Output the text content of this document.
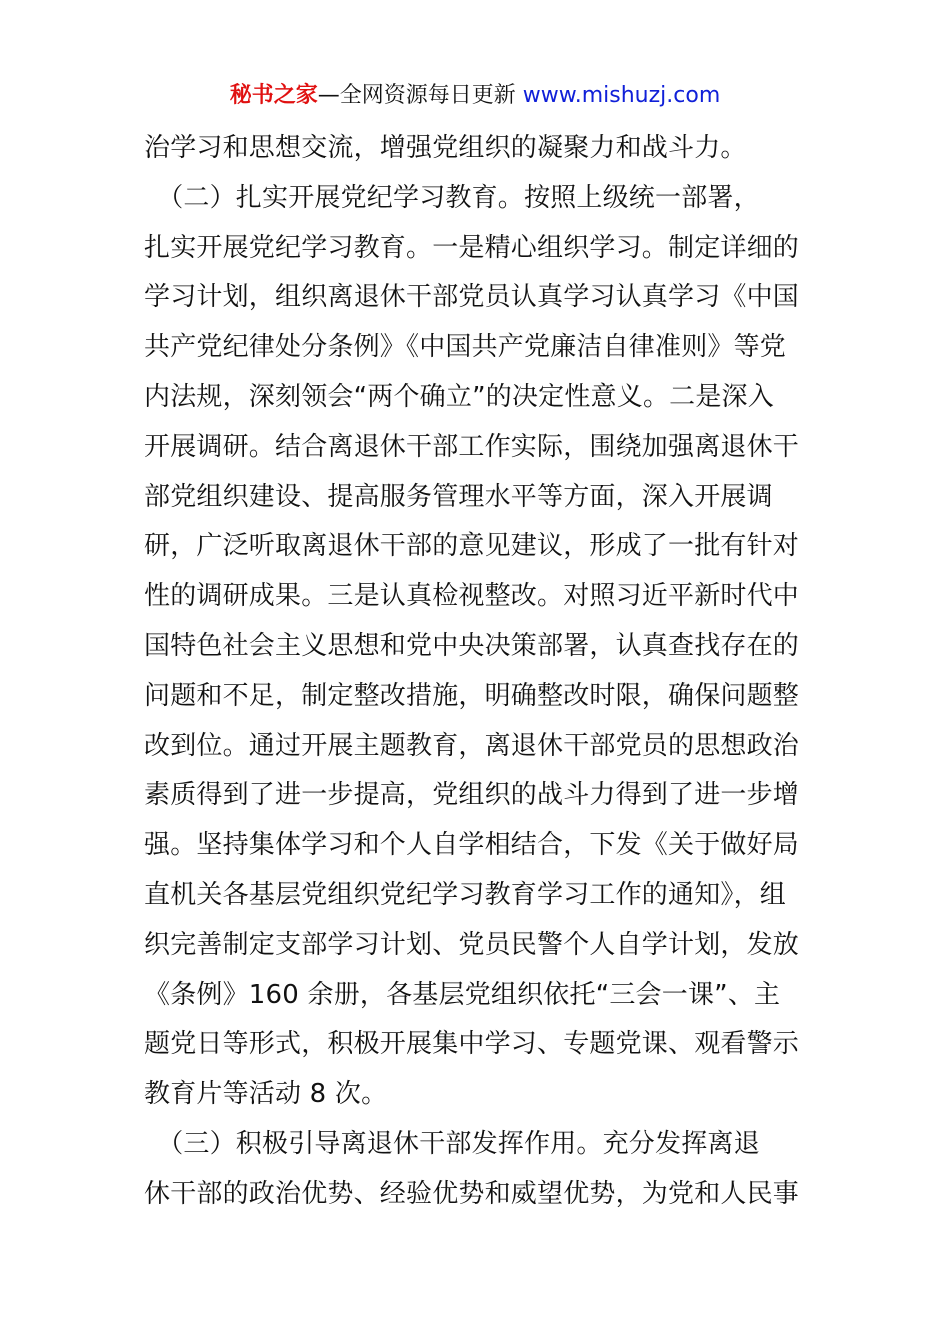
秘书之家—全网资源每日更新 www.mishuzj.com
治学习和思想交流，增强党组织的凝聚力和战斗力。
　（二）扎实开展党纪学习教育。按照上级统一部署，
扎实开展党纪学习教育。一是精心组织学习。制定详细的
学习计划，组织离退休干部党员认真学习认真学习《中国
共产党纪律处分条例》《中国共产党廉洁自律准则》等党
内法规，深刻领会“两个确立”的决定性意义。二是深入
开展调研。结合离退休干部工作实际，围绕加强离退休干
部党组织建设、提高服务管理水平等方面，深入开展调
研，广泛听取离退休干部的意见建议，形成了一批有针对
性的调研成果。三是认真检视整改。对照习近平新时代中
国特色社会主义思想和党中央决策部署，认真查找存在的
问题和不足，制定整改措施，明确整改时限，确保问题整
改到位。通过开展主题教育，离退休干部党员的思想政治
素质得到了进一步提高，党组织的战斗力得到了进一步增
强。坚持集体学习和个人自学相结合，下发《关于做好局
直机关各基层党组织党纪学习教育学习工作的通知》，组
织完善制定支部学习计划、党员民警个人自学计划，发放
《条例》160 余册，各基层党组织依托“三会一课”、主
题党日等形式，积极开展集中学习、专题党课、观看警示
教育片等活动 8 次。
　（三）积极引导离退休干部发挥作用。充分发挥离退
休干部的政治优势、经验优势和威望优势，为党和人民事
